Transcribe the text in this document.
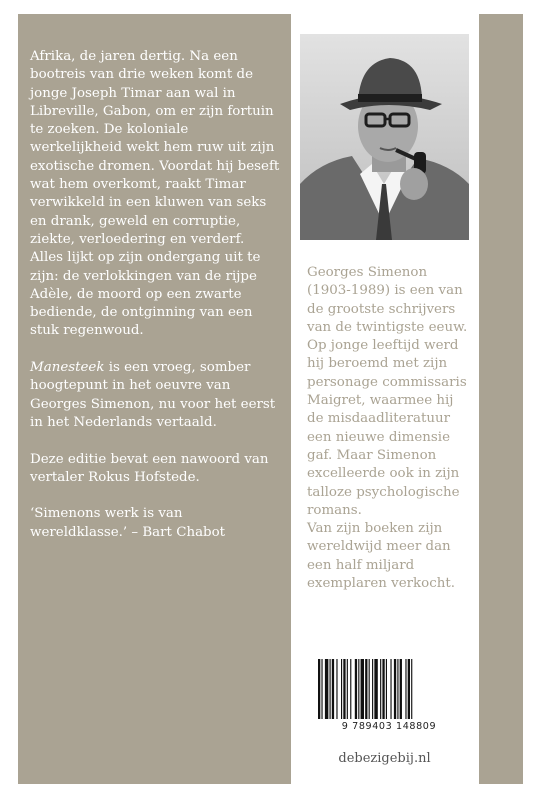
Afrika, de jaren dertig. Na een bootreis van drie weken komt de jonge Joseph Timar aan wal in Libreville, Gabon, om er zijn fortuin te zoeken. De koloniale werkelijkheid wekt hem ruw uit zijn exotische dromen. Voordat hij beseft wat hem overkomt, raakt Timar verwikkeld in een kluwen van seks en drank, geweld en corruptie, ziekte, verloedering en verderf. Alles lijkt op zijn ondergang uit te zijn: de verlokkingen van de rijpe Adèle, de moord op een zwarte bediende, de ontginning van een stuk regenwoud.

Manesteek is een vroeg, somber hoogtepunt in het oeuvre van Georges Simenon, nu voor het eerst in het Nederlands vertaald.

Deze editie bevat een nawoord van vertaler Rokus Hofstede.

‘Simenons werk is van wereldklasse.’ – Bart Chabot

Georges Simenon (1903-1989) is een van de grootste schrijvers van de twintigste eeuw. Op jonge leeftijd werd hij beroemd met zijn personage commissaris Maigret, waarmee hij de misdaadliteratuur een nieuwe dimensie gaf. Maar Simenon excelleerde ook in zijn talloze psychologische romans.
Van zijn boeken zijn wereldwijd meer dan een half miljard exemplaren verkocht.
9 789403 148809
debezigebij.nl
